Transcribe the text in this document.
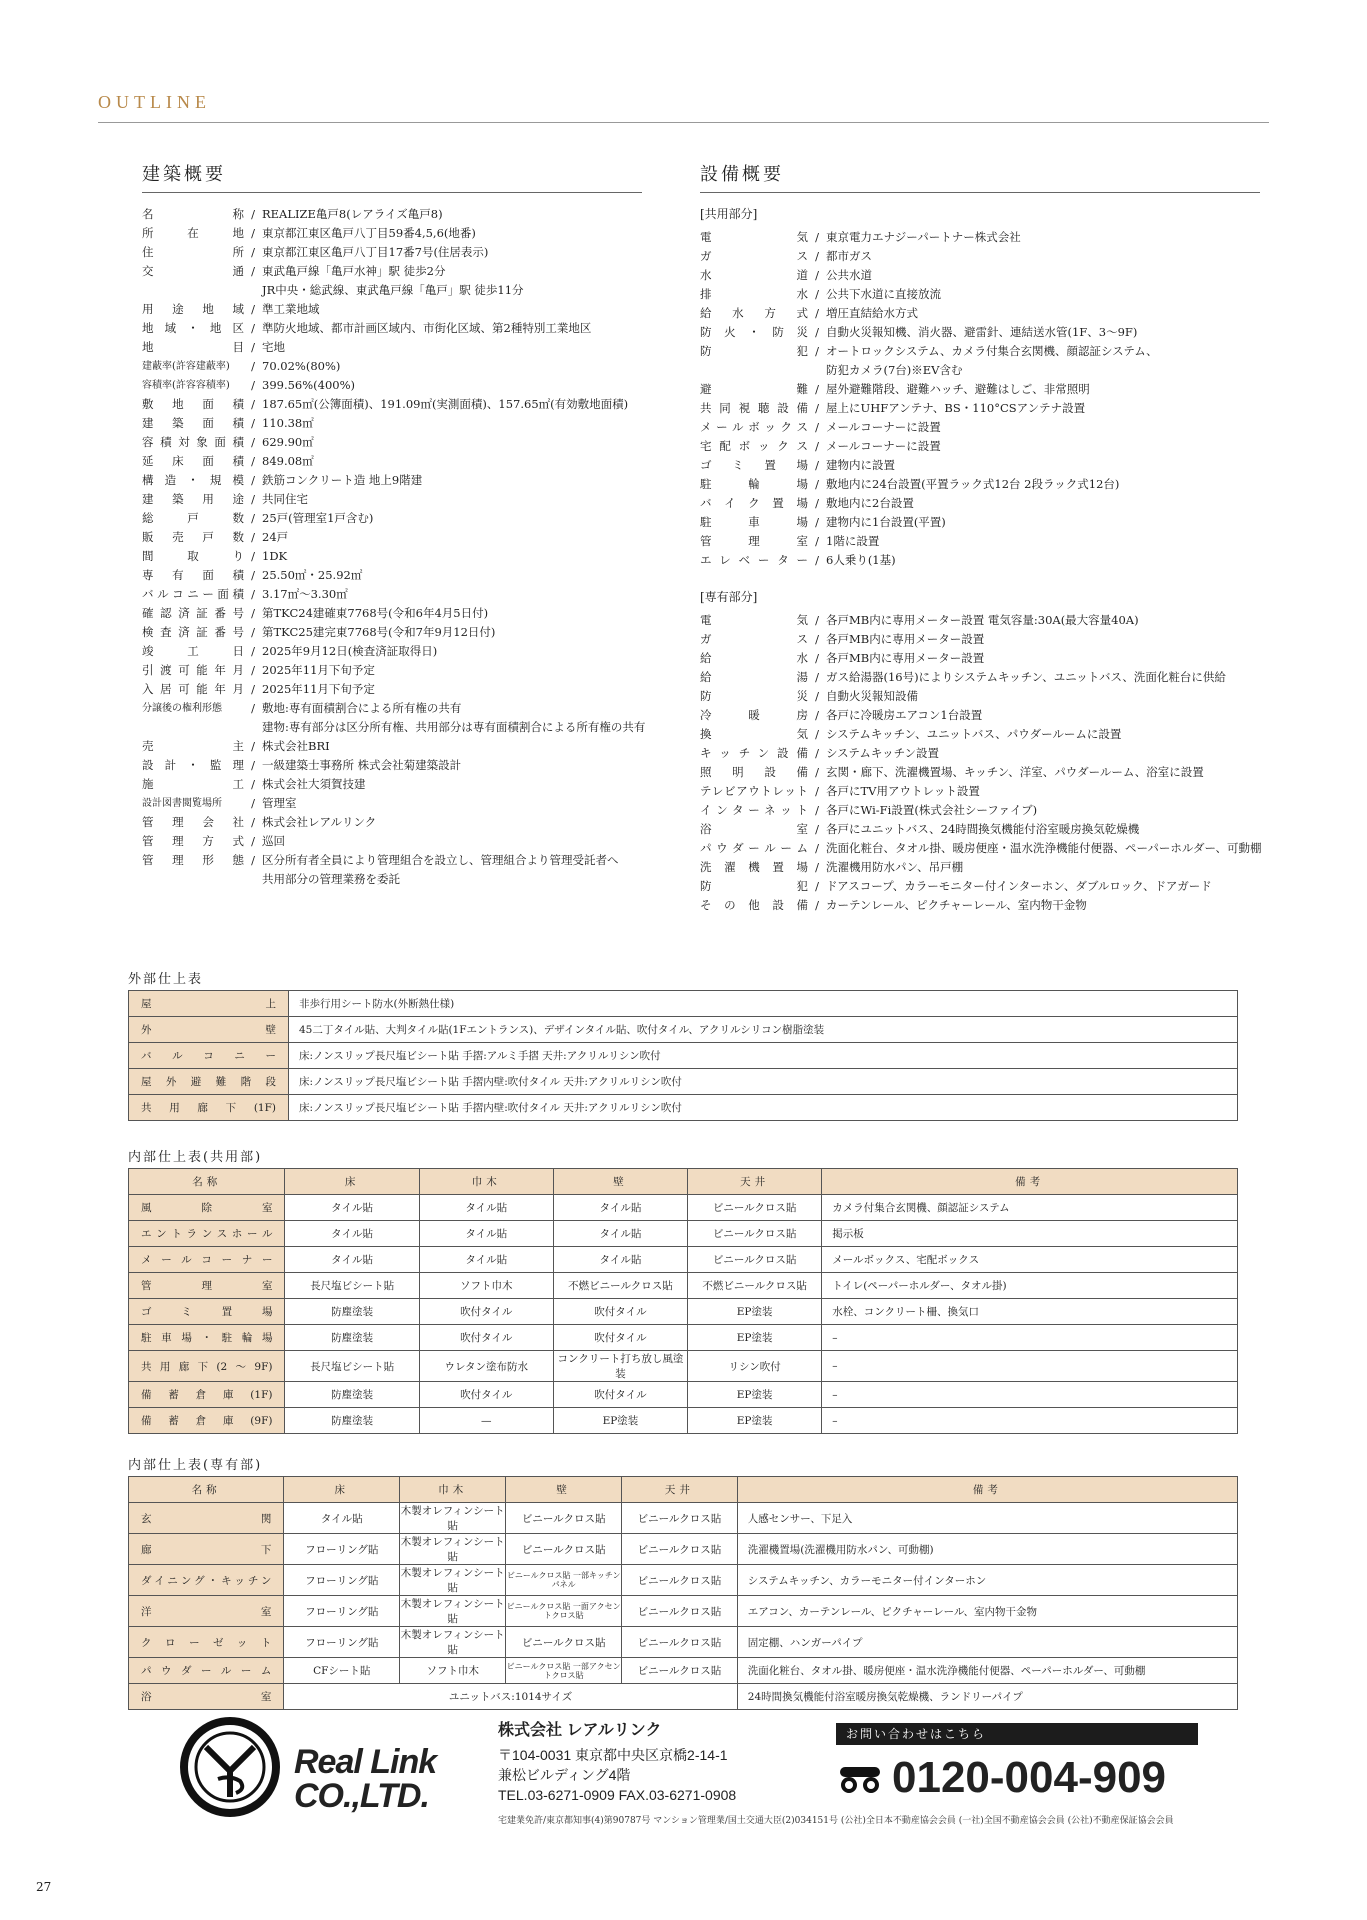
OUTLINE
建築概要
名称 / REALIZE亀戸8(レアライズ亀戸8)
所在地 / 東京都江東区亀戸八丁目59番4,5,6(地番)
住所 / 東京都江東区亀戸八丁目17番7号(住居表示)
交通 / 東武亀戸線「亀戸水神」駅 徒歩2分
JR中央・総武線、東武亀戸線「亀戸」駅 徒歩11分
用途地域 / 準工業地域
地域・地区 / 準防火地域、都市計画区域内、市街化区域、第2種特別工業地区
地目 / 宅地
建蔽率(許容建蔽率)	/ 70.02%(80%)
容積率(許容容積率)	/ 399.56%(400%)
敷地面積 / 187.65㎡(公簿面積)、191.09㎡(実測面積)、157.65㎡(有効敷地面積)
建築面積 / 110.38㎡
容積対象面積 / 629.90㎡
延床面積 / 849.08㎡
構造・規模 / 鉄筋コンクリート造 地上9階建
建築用途 / 共同住宅
総戸数 / 25戸(管理室1戸含む)
販売戸数 / 24戸
間取り / 1DK
専有面積 / 25.50㎡・25.92㎡
バルコニー面積 / 3.17㎡〜3.30㎡
確認済証番号 / 第TKC24建確東7768号(令和6年4月5日付)
検査済証番号 / 第TKC25建完東7768号(令和7年9月12日付)
竣工日 / 2025年9月12日(検査済証取得日)
引渡可能年月 / 2025年11月下旬予定
入居可能年月 / 2025年11月下旬予定
分譲後の権利形態	/ 敷地:専有面積割合による所有権の共有
建物:専有部分は区分所有権、共用部分は専有面積割合による所有権の共有
売主 / 株式会社BRI
設計・監理 / 一級建築士事務所 株式会社菊建築設計
施工 / 株式会社大須賀技建
設計図書閲覧場所	/ 管理室
管理会社 / 株式会社レアルリンク
管理方式 / 巡回
管理形態 / 区分所有者全員により管理組合を設立し、管理組合より管理受託者へ
共用部分の管理業務を委託
設備概要
[共用部分]
電気 / 東京電力エナジーパートナー株式会社
ガス / 都市ガス
水道 / 公共水道
排水 / 公共下水道に直接放流
給水方式 / 増圧直結給水方式
防火・防災 / 自動火災報知機、消火器、避雷針、連結送水管(1F、3〜9F)
防犯 / オートロックシステム、カメラ付集合玄関機、顔認証システム、
防犯カメラ(7台)※EV含む
避難 / 屋外避難階段、避難ハッチ、避難はしご、非常照明
共同視聴設備 / 屋上にUHFアンテナ、BS・110°CSアンテナ設置
メールボックス / メールコーナーに設置
宅配ボックス / メールコーナーに設置
ゴミ置場 / 建物内に設置
駐輪場 / 敷地内に24台設置(平置ラック式12台 2段ラック式12台)
バイク置場 / 敷地内に2台設置
駐車場 / 建物内に1台設置(平置)
管理室 / 1階に設置
エレベーター / 6人乗り(1基)
[専有部分]
電気 / 各戸MB内に専用メーター設置 電気容量:30A(最大容量40A)
ガス / 各戸MB内に専用メーター設置
給水 / 各戸MB内に専用メーター設置
給湯 / ガス給湯器(16号)によりシステムキッチン、ユニットバス、洗面化粧台に供給
防災 / 自動火災報知設備
冷暖房 / 各戸に冷暖房エアコン1台設置
換気 / システムキッチン、ユニットバス、パウダールームに設置
キッチン設備 / システムキッチン設置
照明設備 / 玄関・廊下、洗濯機置場、キッチン、洋室、パウダールーム、浴室に設置
テレビアウトレット / 各戸にTV用アウトレット設置
インターネット / 各戸にWi-Fi設置(株式会社シーファイブ)
浴室 / 各戸にユニットバス、24時間換気機能付浴室暖房換気乾燥機
パウダールーム / 洗面化粧台、タオル掛、暖房便座・温水洗浄機能付便器、ペーパーホルダー、可動棚
洗濯機置場 / 洗濯機用防水パン、吊戸棚
防犯 / ドアスコープ、カラーモニター付インターホン、ダブルロック、ドアガード
その他設備 / カーテンレール、ピクチャーレール、室内物干金物
外部仕上表
屋上	非歩行用シート防水(外断熱仕様)
外壁	45二丁タイル貼、大判タイル貼(1Fエントランス)、デザインタイル貼、吹付タイル、アクリルシリコン樹脂塗装
バルコニー	床:ノンスリップ長尺塩ビシート貼 手摺:アルミ手摺 天井:アクリルリシン吹付
屋外避難階段	床:ノンスリップ長尺塩ビシート貼 手摺内壁:吹付タイル 天井:アクリルリシン吹付
共用廊下(1F)	床:ノンスリップ長尺塩ビシート貼 手摺内壁:吹付タイル 天井:アクリルリシン吹付
内部仕上表(共用部)
名称	床	巾木	壁	天井	備考
風除室	タイル貼	タイル貼	タイル貼	ビニールクロス貼	カメラ付集合玄関機、顔認証システム
エントランスホール	タイル貼	タイル貼	タイル貼	ビニールクロス貼	掲示板
メールコーナー	タイル貼	タイル貼	タイル貼	ビニールクロス貼	メールボックス、宅配ボックス
管理室	長尺塩ビシート貼	ソフト巾木	不燃ビニールクロス貼	不燃ビニールクロス貼	トイレ(ペーパーホルダー、タオル掛)
ゴミ置場	防塵塗装	吹付タイル	吹付タイル	EP塗装	水栓、コンクリート柵、換気口
駐車場・駐輪場	防塵塗装	吹付タイル	吹付タイル	EP塗装	–
共用廊下(2〜9F)	長尺塩ビシート貼	ウレタン塗布防水	コンクリート打ち放し風塗装	リシン吹付	–
備蓄倉庫(1F)	防塵塗装	吹付タイル	吹付タイル	EP塗装	–
備蓄倉庫(9F)	防塵塗装	—	EP塗装	EP塗装	–
内部仕上表(専有部)
名称	床	巾木	壁	天井	備考
玄関	タイル貼	木製オレフィンシート貼	ビニールクロス貼	ビニールクロス貼	人感センサー、下足入
廊下	フローリング貼	木製オレフィンシート貼	ビニールクロス貼	ビニールクロス貼	洗濯機置場(洗濯機用防水パン、可動棚)
ダイニング・キッチン	フローリング貼	木製オレフィンシート貼	ビニールクロス貼 一部キッチンパネル	ビニールクロス貼	システムキッチン、カラーモニター付インターホン
洋室	フローリング貼	木製オレフィンシート貼	ビニールクロス貼 一面アクセントクロス貼	ビニールクロス貼	エアコン、カーテンレール、ピクチャーレール、室内物干金物
クローゼット	フローリング貼	木製オレフィンシート貼	ビニールクロス貼	ビニールクロス貼	固定棚、ハンガーパイプ
パウダールーム	CFシート貼	ソフト巾木	ビニールクロス貼 一部アクセントクロス貼	ビニールクロス貼	洗面化粧台、タオル掛、暖房便座・温水洗浄機能付便器、ペーパーホルダー、可動棚
浴室	ユニットバス:1014サイズ				24時間換気機能付浴室暖房換気乾燥機、ランドリーパイプ
Real Link
CO.,LTD.
株式会社 レアルリンク
〒104-0031 東京都中央区京橋2-14-1
兼松ビルディング4階
TEL.03-6271-0909 FAX.03-6271-0908
お問い合わせはこちら
0120-004-909
宅建業免許/東京都知事(4)第90787号 マンション管理業/国土交通大臣(2)034151号 (公社)全日本不動産協会会員 (一社)全国不動産協会会員 (公社)不動産保証協会会員
27
